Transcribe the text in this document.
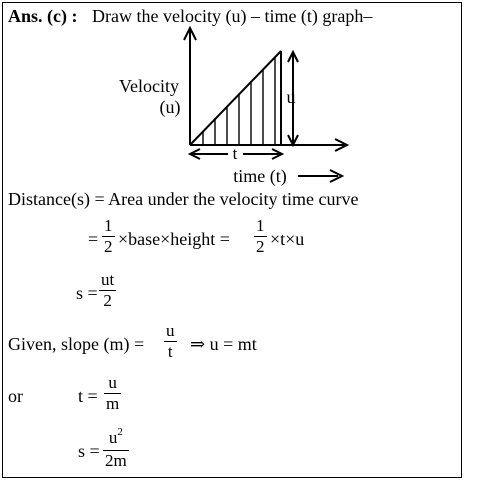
Ans. (c) : Draw the velocity (u) – time (t) graph–
Velocity
(u)	u
t
time (t)
Distance(s) = Area under the velocity time curve
= $\frac{1}{2}$ ×base×height = $\frac{1}{2} \times t\times u$
$s = \frac{ut}{2}$
Given, slope $(m) = \frac{u}{t}$ ⇒ u = mt
or	$t = \frac{u}{m}$
$s = \frac{u^2}{2m}$
